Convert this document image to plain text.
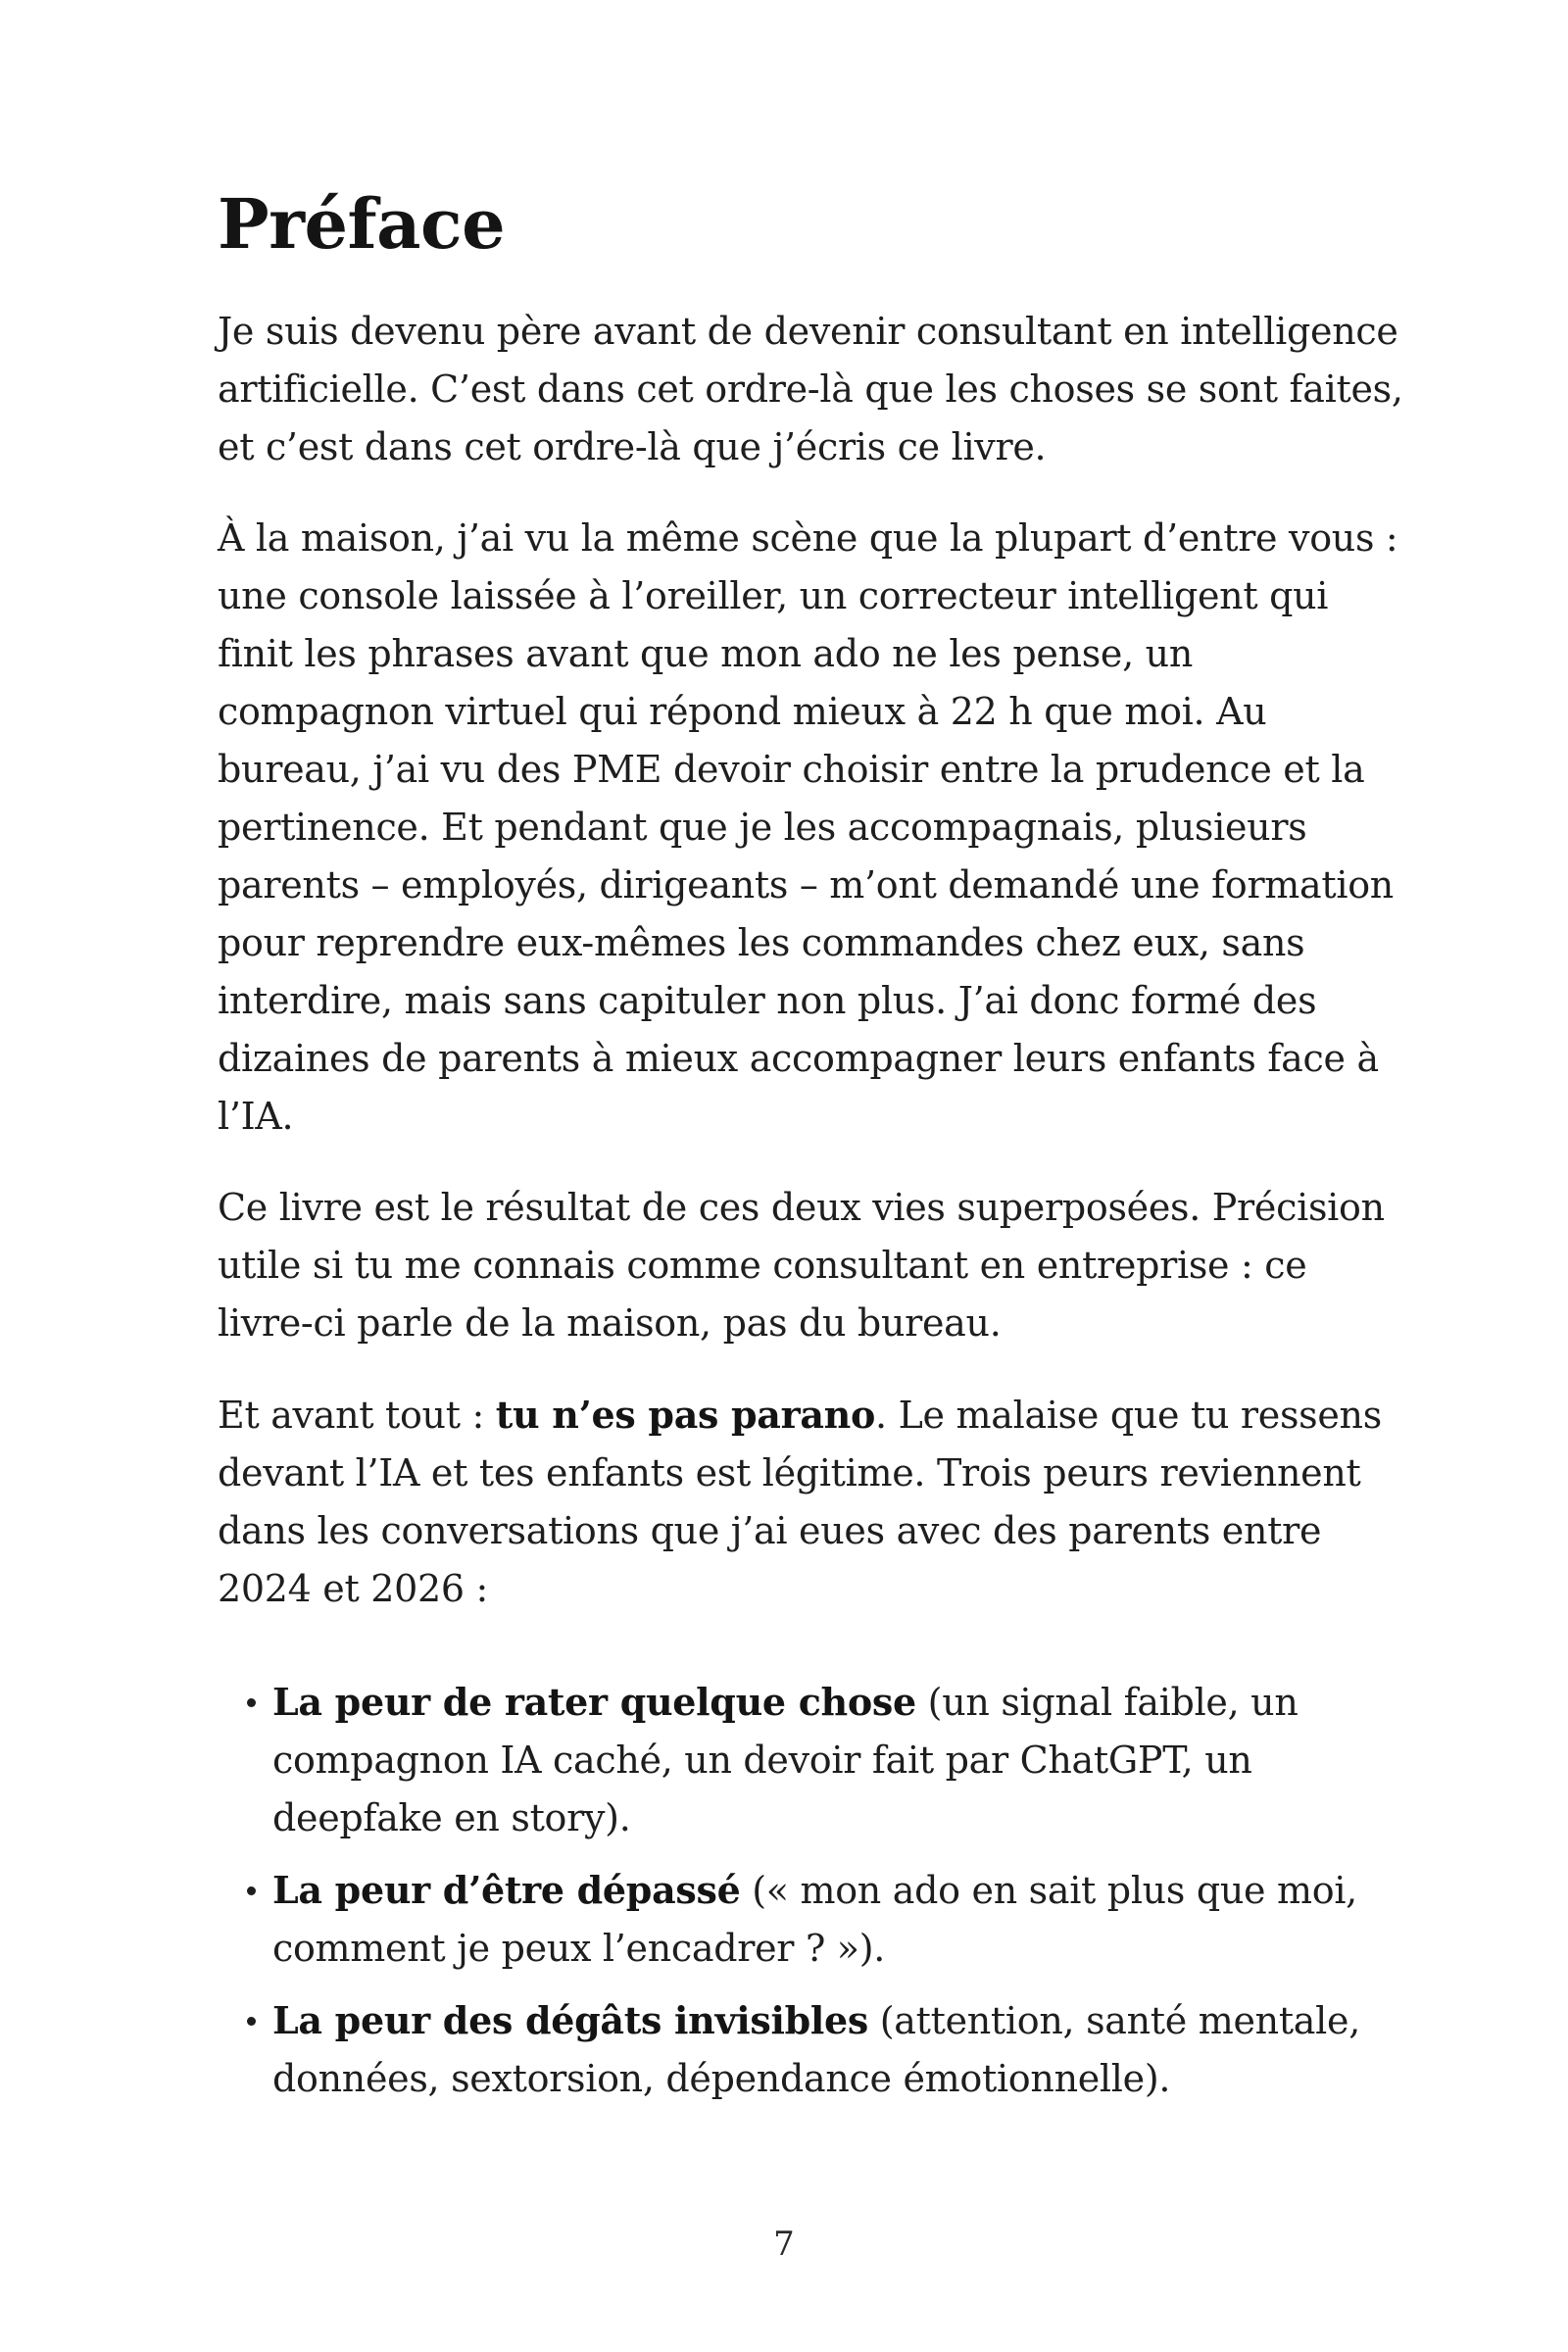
Préface

Je suis devenu père avant de devenir consultant en intelligence artificielle. C’est dans cet ordre-là que les choses se sont faites, et c’est dans cet ordre-là que j’écris ce livre.

À la maison, j’ai vu la même scène que la plupart d’entre vous : une console laissée à l’oreiller, un correcteur intelligent qui finit les phrases avant que mon ado ne les pense, un compagnon virtuel qui répond mieux à 22 h que moi. Au bureau, j’ai vu des PME devoir choisir entre la prudence et la pertinence. Et pendant que je les accompagnais, plusieurs parents – employés, dirigeants – m’ont demandé une formation pour reprendre eux-mêmes les commandes chez eux, sans interdire, mais sans capituler non plus. J’ai donc formé des dizaines de parents à mieux accompagner leurs enfants face à l’IA.

Ce livre est le résultat de ces deux vies superposées. Précision utile si tu me connais comme consultant en entreprise : ce livre-ci parle de la maison, pas du bureau.

Et avant tout : tu n’es pas parano. Le malaise que tu ressens devant l’IA et tes enfants est légitime. Trois peurs reviennent dans les conversations que j’ai eues avec des parents entre 2024 et 2026 :

La peur de rater quelque chose (un signal faible, un compagnon IA caché, un devoir fait par ChatGPT, un deepfake en story).
La peur d’être dépassé (« mon ado en sait plus que moi, comment je peux l’encadrer ? »).
La peur des dégâts invisibles (attention, santé mentale, données, sextorsion, dépendance émotionnelle).
7
